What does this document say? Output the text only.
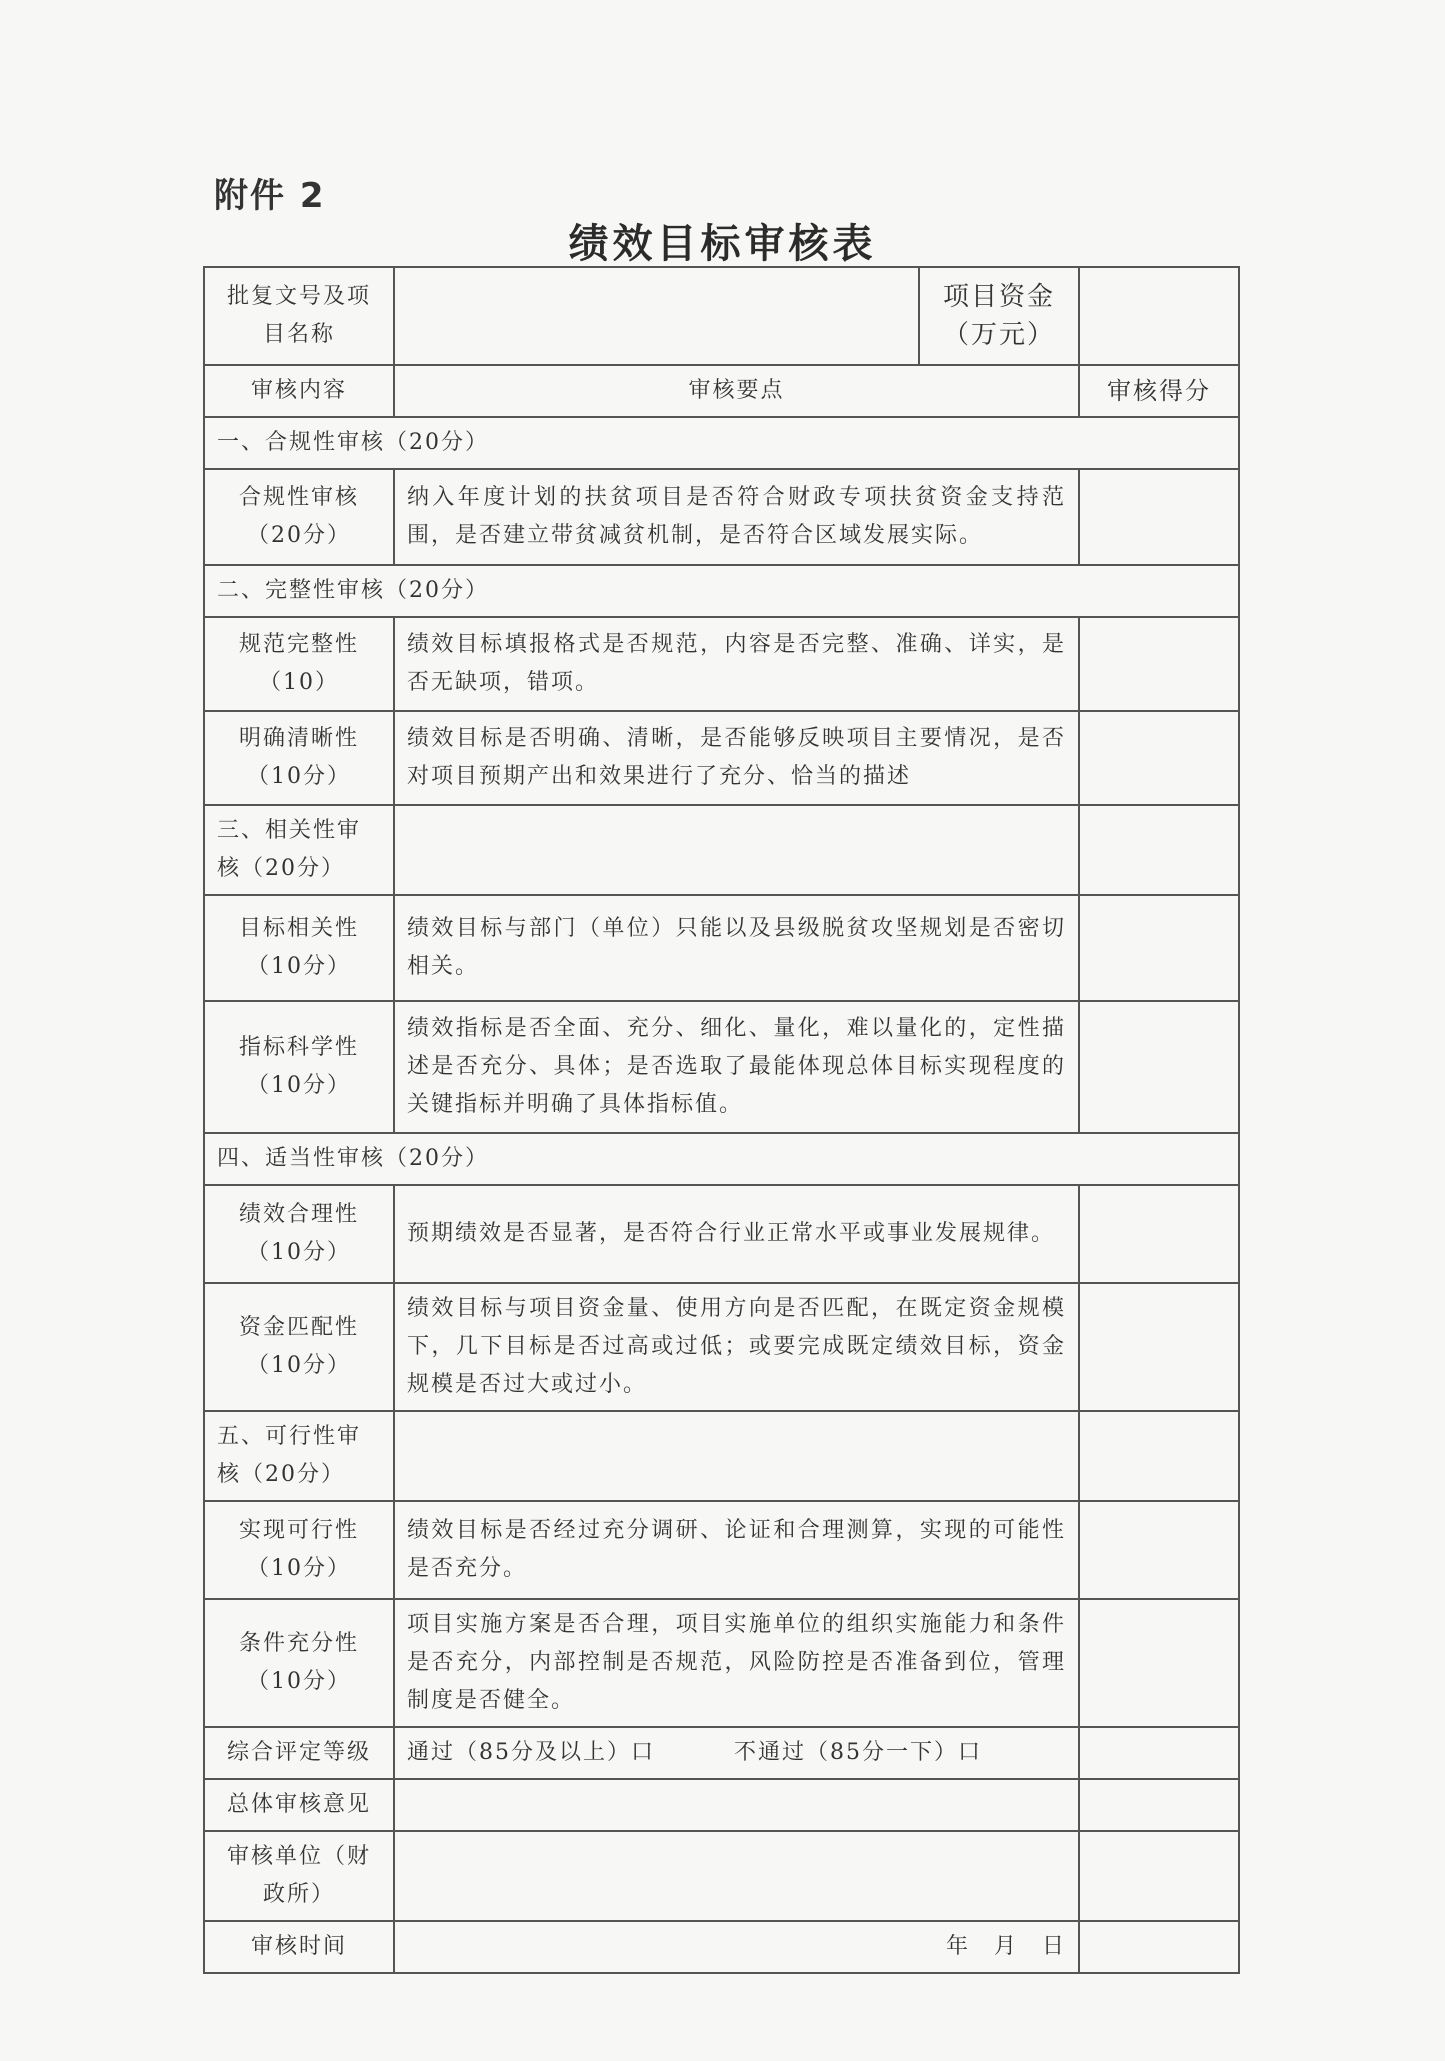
附件 2
绩效目标审核表
批复文号及项目名称		项目资金（万元）	
审核内容	审核要点		审核得分
一、合规性审核（20分）			
合规性审核（20分）	纳入年度计划的扶贫项目是否符合财政专项扶贫资金支持范围，是否建立带贫减贫机制，是否符合区域发展实际。		
二、完整性审核（20分）			
规范完整性（10）	绩效目标填报格式是否规范，内容是否完整、准确、详实，是否无缺项，错项。		
明确清晰性（10分）	绩效目标是否明确、清晰，是否能够反映项目主要情况，是否对项目预期产出和效果进行了充分、恰当的描述		
三、相关性审核（20分）			
目标相关性（10分）	绩效目标与部门（单位）只能以及县级脱贫攻坚规划是否密切相关。		
指标科学性（10分）	绩效指标是否全面、充分、细化、量化，难以量化的，定性描述是否充分、具体；是否选取了最能体现总体目标实现程度的关键指标并明确了具体指标值。		
四、适当性审核（20分）			
绩效合理性（10分）	预期绩效是否显著，是否符合行业正常水平或事业发展规律。		
资金匹配性（10分）	绩效目标与项目资金量、使用方向是否匹配，在既定资金规模下，几下目标是否过高或过低；或要完成既定绩效目标，资金规模是否过大或过小。		
五、可行性审核（20分）			
实现可行性（10分）	绩效目标是否经过充分调研、论证和合理测算，实现的可能性是否充分。		
条件充分性（10分）	项目实施方案是否合理，项目实施单位的组织实施能力和条件是否充分，内部控制是否规范，风险防控是否准备到位，管理制度是否健全。		
综合评定等级	通过（85分及以上）口 不通过（85分一下）口		
总体审核意见			
审核单位（财政所）			
审核时间	年　月　日		
